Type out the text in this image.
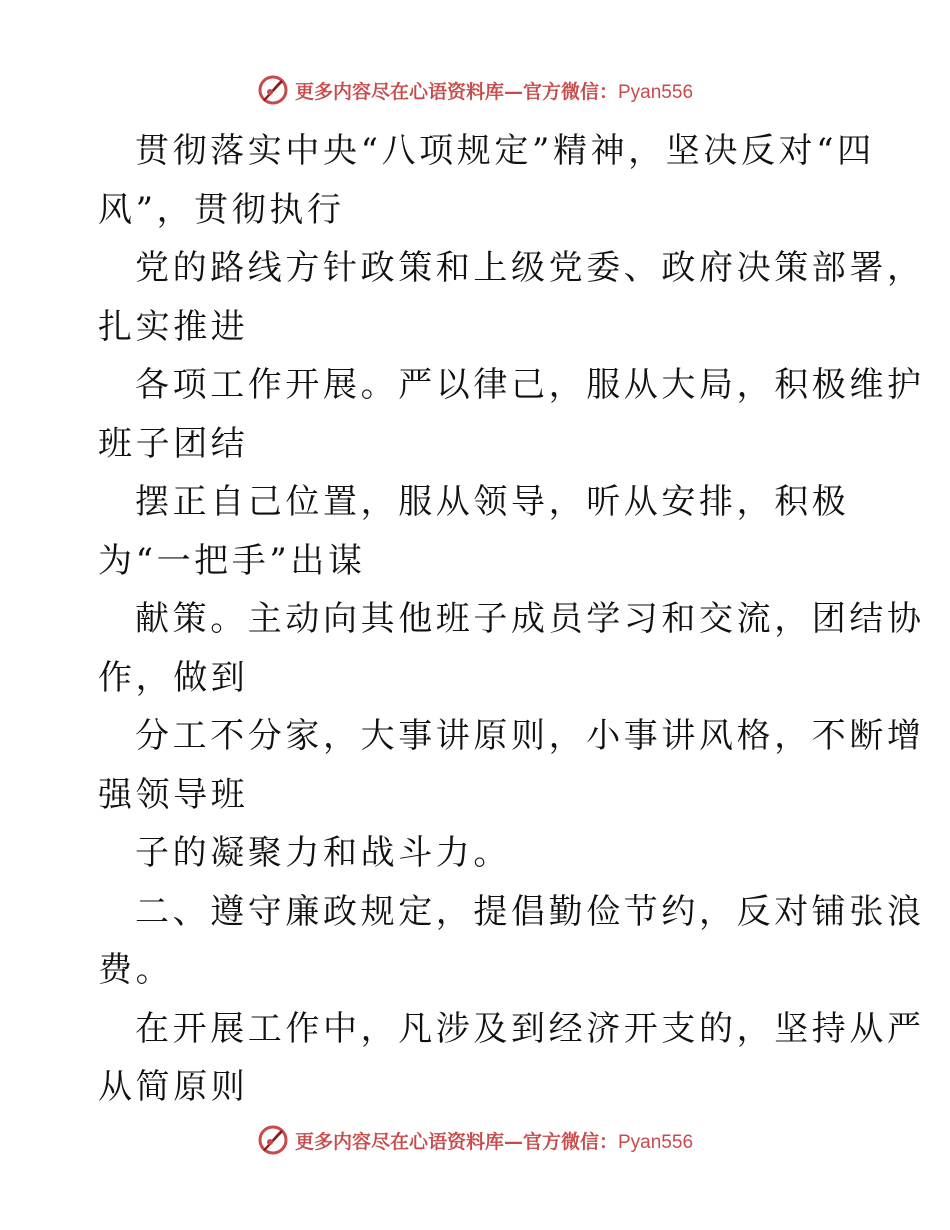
更多内容尽在心语资料库—官方微信：Pyan556
贯彻落实中央“八项规定”精神，坚决反对“四
风”，贯彻执行
党的路线方针政策和上级党委、政府决策部署，
扎实推进
各项工作开展。严以律己，服从大局，积极维护
班子团结
摆正自己位置，服从领导，听从安排，积极
为“一把手”出谋
献策。主动向其他班子成员学习和交流，团结协
作，做到
分工不分家，大事讲原则，小事讲风格，不断增
强领导班
子的凝聚力和战斗力。
二、遵守廉政规定，提倡勤俭节约，反对铺张浪
费。
在开展工作中，凡涉及到经济开支的，坚持从严
从简原则
更多内容尽在心语资料库—官方微信：Pyan556
